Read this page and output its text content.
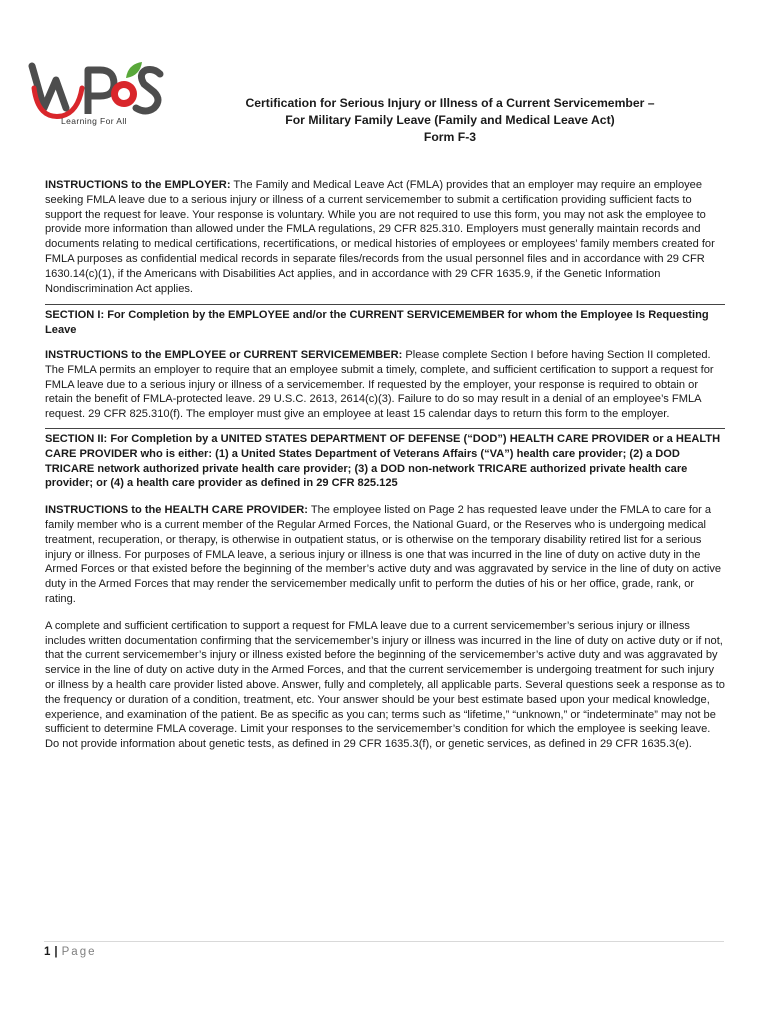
Learning For All
Certification for Serious Injury or Illness of a Current Servicemember –
For Military Family Leave (Family and Medical Leave Act)
Form F-3

INSTRUCTIONS to the EMPLOYER: The Family and Medical Leave Act (FMLA) provides that an employer may require an employee seeking FMLA leave due to a serious injury or illness of a current servicemember to submit a certification providing sufficient facts to support the request for leave. Your response is voluntary. While you are not required to use this form, you may not ask the employee to provide more information than allowed under the FMLA regulations, 29 CFR 825.310. Employers must generally maintain records and documents relating to medical certifications, recertifications, or medical histories of employees or employees’ family members created for FMLA purposes as confidential medical records in separate files/records from the usual personnel files and in accordance with 29 CFR 1630.14(c)(1), if the Americans with Disabilities Act applies, and in accordance with 29 CFR 1635.9, if the Genetic Information Nondiscrimination Act applies.

SECTION I: For Completion by the EMPLOYEE and/or the CURRENT SERVICEMEMBER for whom the Employee Is Requesting Leave

INSTRUCTIONS to the EMPLOYEE or CURRENT SERVICEMEMBER: Please complete Section I before having Section II completed. The FMLA permits an employer to require that an employee submit a timely, complete, and sufficient certification to support a request for FMLA leave due to a serious injury or illness of a servicemember. If requested by the employer, your response is required to obtain or retain the benefit of FMLA-protected leave. 29 U.S.C. 2613, 2614(c)(3). Failure to do so may result in a denial of an employee’s FMLA request. 29 CFR 825.310(f). The employer must give an employee at least 15 calendar days to return this form to the employer.

SECTION II: For Completion by a UNITED STATES DEPARTMENT OF DEFENSE (“DOD”) HEALTH CARE PROVIDER or a HEALTH CARE PROVIDER who is either: (1) a United States Department of Veterans Affairs (“VA”) health care provider; (2) a DOD TRICARE network authorized private health care provider; (3) a DOD non-network TRICARE authorized private health care provider; or (4) a health care provider as defined in 29 CFR 825.125

INSTRUCTIONS to the HEALTH CARE PROVIDER: The employee listed on Page 2 has requested leave under the FMLA to care for a family member who is a current member of the Regular Armed Forces, the National Guard, or the Reserves who is undergoing medical treatment, recuperation, or therapy, is otherwise in outpatient status, or is otherwise on the temporary disability retired list for a serious injury or illness. For purposes of FMLA leave, a serious injury or illness is one that was incurred in the line of duty on active duty in the Armed Forces or that existed before the beginning of the member’s active duty and was aggravated by service in the line of duty on active duty in the Armed Forces that may render the servicemember medically unfit to perform the duties of his or her office, grade, rank, or rating.

A complete and sufficient certification to support a request for FMLA leave due to a current servicemember’s serious injury or illness includes written documentation confirming that the servicemember’s injury or illness was incurred in the line of duty on active duty or if not, that the current servicemember’s injury or illness existed before the beginning of the servicemember’s active duty and was aggravated by service in the line of duty on active duty in the Armed Forces, and that the current servicemember is undergoing treatment for such injury or illness by a health care provider listed above. Answer, fully and completely, all applicable parts. Several questions seek a response as to the frequency or duration of a condition, treatment, etc. Your answer should be your best estimate based upon your medical knowledge, experience, and examination of the patient. Be as specific as you can; terms such as “lifetime,” “unknown,” or “indeterminate” may not be sufficient to determine FMLA coverage. Limit your responses to the servicemember’s condition for which the employee is seeking leave. Do not provide information about genetic tests, as defined in 29 CFR 1635.3(f), or genetic services, as defined in 29 CFR 1635.3(e).

1 | Page
